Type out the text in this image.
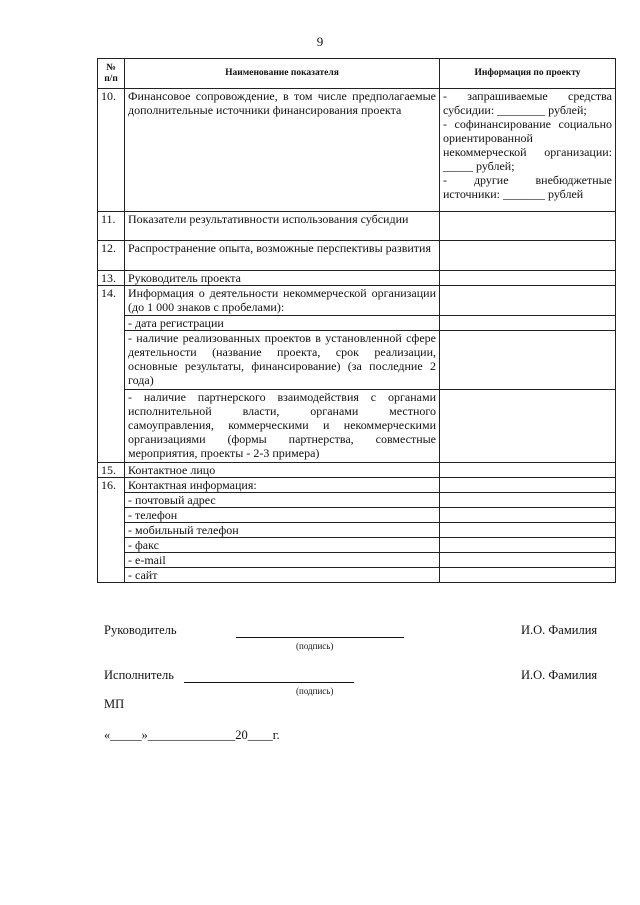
9
№
п/п	Наименование показателя	Информация по проекту
10.	Финансовое сопровождение, в том числе предполагаемые дополнительные источники финансирования проекта	- запрашиваемые средства субсидии: ________ рублей;
- софинансирование социально ориентированной некоммерческой организации: _____ рублей;
- другие внебюджетные источники: _______ рублей

11.	Показатели результативности использования субсидии	
12.	Распространение опыта, возможные перспективы развития	
13.	Руководитель проекта	
14.	Информация о деятельности некоммерческой организации (до 1 000 знаков с пробелами):	
	- дата регистрации	
	- наличие реализованных проектов в установленной сфере деятельности (название проекта, срок реализации, основные результаты, финансирование) (за последние 2 года)	
	- наличие партнерского взаимодействия с органами исполнительной власти, органами местного самоуправления, коммерческими и некоммерческими организациями (формы партнерства, совместные мероприятия, проекты - 2-3 примера)	
15.	Контактное лицо	
16.	Контактная информация:	
	- почтовый адрес	
	- телефон	
	- мобильный телефон	
	- факс	
	- e-mail	
	- сайт	
Руководитель
(подпись)
И.О. Фамилия
Исполнитель
(подпись)
И.О. Фамилия
МП
«_____»______________20____г.
